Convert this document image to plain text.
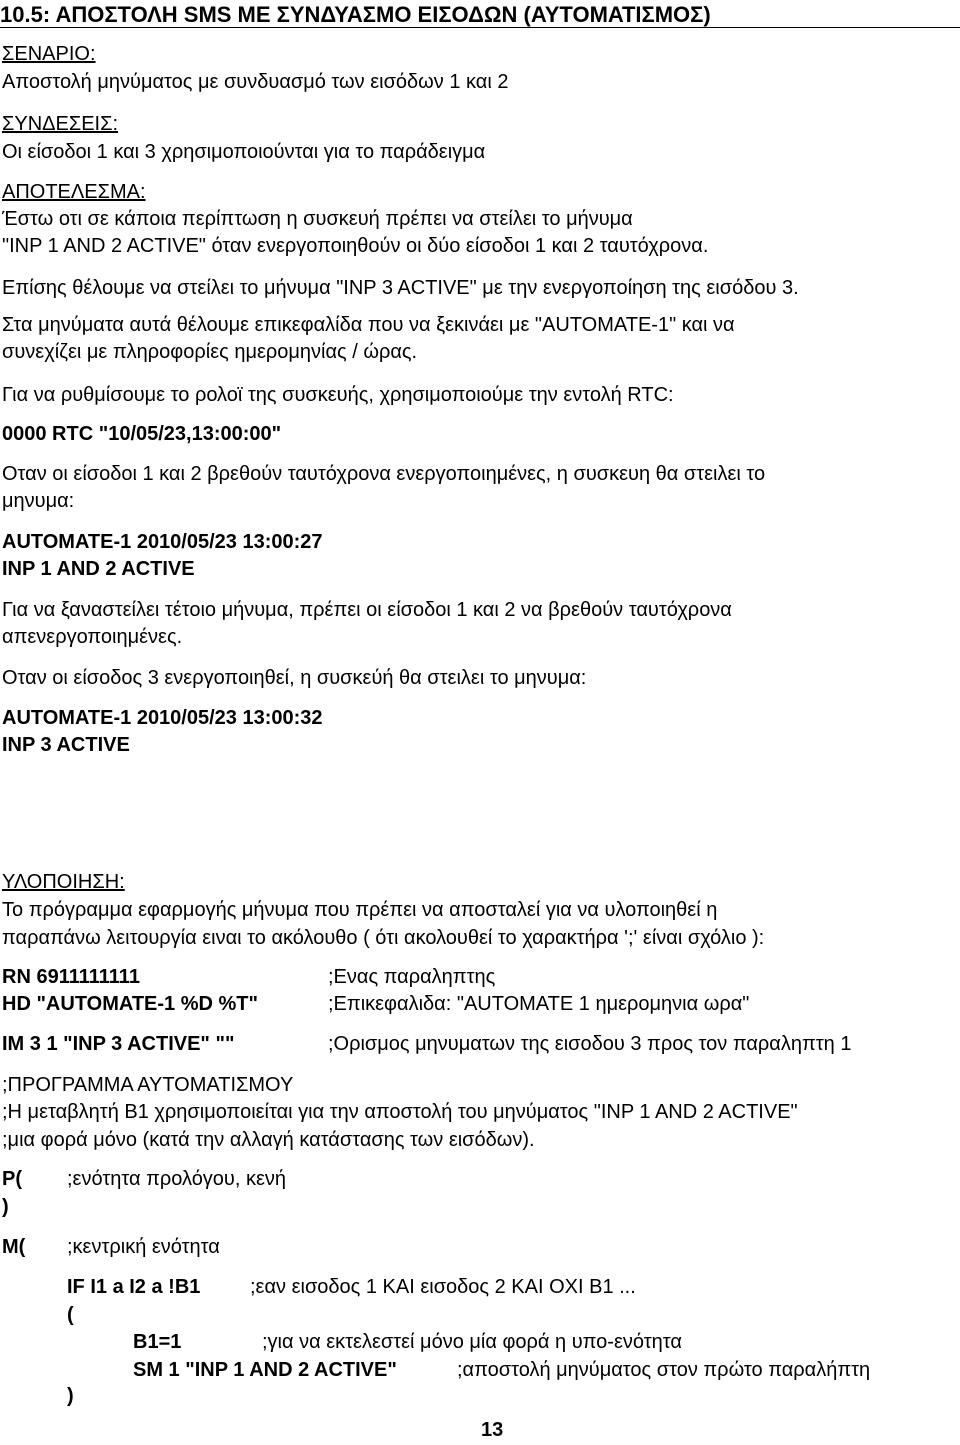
10.5: ΑΠΟΣΤΟΛΗ SMS ΜΕ ΣΥΝΔΥΑΣΜΟ ΕΙΣΟΔΩΝ (ΑΥΤΟΜΑΤΙΣΜΟΣ)
ΣΕΝΑΡΙΟ:
Αποστολή μηνύματος με συνδυασμό των εισόδων 1 και 2
ΣΥΝΔΕΣΕΙΣ:
Οι είσοδοι 1 και 3 χρησιμοποιούνται για το παράδειγμα
ΑΠΟΤΕΛΕΣΜΑ:
Έστω οτι σε κάποια περίπτωση η συσκευή πρέπει να στείλει το μήνυμα
"INP 1 AND 2 ACTIVE" όταν ενεργοποιηθούν οι δύο είσοδοι 1 και 2 ταυτόχρονα.
Επίσης θέλουμε να στείλει το μήνυμα "INP 3 ACTIVE" με την ενεργοποίηση της εισόδου 3.
Στα μηνύματα αυτά θέλουμε επικεφαλίδα που να ξεκινάει με "AUTOMATE-1" και να
συνεχίζει με πληροφορίες ημερομηνίας / ώρας.
Για να ρυθμίσουμε το ρολοϊ της συσκευής, χρησιμοποιούμε την εντολή RTC:
0000 RTC "10/05/23,13:00:00"
Οταν οι είσοδοι 1 και 2 βρεθούν ταυτόχρονα ενεργοποιημένες, η συσκευη θα στειλει το
μηνυμα:
AUTOMATE-1 2010/05/23 13:00:27
INP 1 AND 2 ACTIVE
Για να ξαναστείλει τέτοιο μήνυμα, πρέπει οι είσοδοι 1 και 2 να βρεθούν ταυτόχρονα
απενεργοποιημένες.
Οταν οι είσοδος 3 ενεργοποιηθεί, η συσκεύή θα στειλει το μηνυμα:
AUTOMATE-1 2010/05/23 13:00:32
INP 3 ACTIVE
ΥΛΟΠΟΙΗΣΗ:
Το πρόγραμμα εφαρμογής μήνυμα που πρέπει να αποσταλεί για να υλοποιηθεί η
παραπάνω λειτουργία ειναι το ακόλουθο ( ότι ακολουθεί το χαρακτήρα ';' είναι σχόλιο ):
RN 6911111111	;Ενας παραληπτης
HD "AUTOMATE-1 %D %T"	;Επικεφαλιδα: "AUTOMATE 1 ημερομηνια ωρα"
IM 3 1 "INP 3 ACTIVE" ""	;Ορισμος μηνυματων της εισοδου 3 προς τον παραληπτη 1
;ΠΡΟΓΡΑΜΜΑ ΑΥΤΟΜΑΤΙΣΜΟΥ
;Η μεταβλητή Β1 χρησιμοποιείται για την αποστολή του μηνύματος "INP 1 AND 2 ACTIVE"
;μια φορά μόνο (κατά την αλλαγή κατάστασης των εισόδων).
P( ;ενότητα προλόγου, κενή
)
M( ;κεντρική ενότητα
IF I1 a I2 a !B1 ;εαν εισοδος 1 ΚΑΙ εισοδος 2 ΚΑΙ ΟΧΙ Β1 ...
(
B1=1	;για να εκτελεστεί μόνο μία φορά η υπο-ενότητα
SM 1 "INP 1 AND 2 ACTIVE"	;αποστολή μηνύματος στον πρώτο παραλήπτη
)
13
